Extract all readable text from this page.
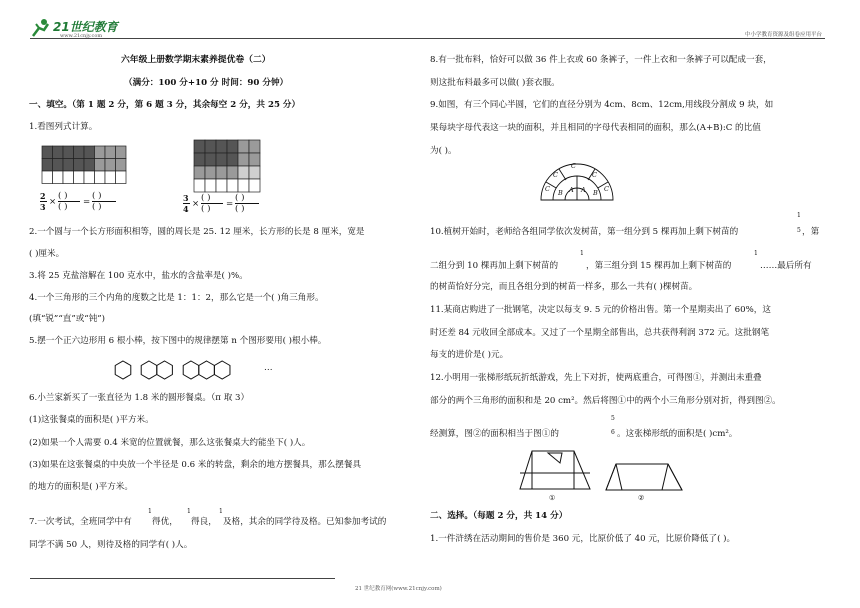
21世纪教育
www.21cnjy.com	中小学教育资源及组卷应用平台
六年级上册数学期末素养提优卷（二）
（满分：100 分+10 分 时间：90 分钟）
一、填空。（第 1 题 2 分，第 6 题 3 分，其余每空 2 分，共 25 分）
1.看图列式计算。
2
3 ×
( )
( ) =
( )
( )
3
4 ×
( )
( ) =
( )
( )
2.一个圆与一个长方形面积相等，圆的周长是 25. 12 厘米，长方形的长是 8 厘米，宽是
( )厘米。
3.将 25 克盐溶解在 100 克水中，盐水的含盐率是( )%。
4.一个三角形的三个内角的度数之比是 1：1：2，那么它是一个( )角三角形。
(填“锐”“直”或“钝”)
5.摆一个正六边形用 6 根小棒，按下图中的规律摆第 n 个图形要用( )根小棒。
…
6.小兰家新买了一张直径为 1.8 米的圆形餐桌。（π 取 3）
(1)这张餐桌的面积是( )平方米。
(2)如果一个人需要 0.4 米宽的位置就餐，那么这张餐桌大约能坐下( )人。
(3)如果在这张餐桌的中央放一个半径是 0.6 米的转盘，剩余的地方摆餐具，那么摆餐具
的地方的面积是( )平方米。
7.一次考试，全班同学中有
1
得优，
1
得良，
1
及格，其余的同学待及格。已知参加考试的
同学不满 50 人，则待及格的同学有( )人。
8.有一批布料，恰好可以做 36 件上衣或 60 条裤子，一件上衣和一条裤子可以配成一套，
则这批布料最多可以做( )套衣服。
9.如图，有三个同心半圆，它们的直径分别为 4cm、8cm、12cm,用线段分割成 9 块，如
果每块字母代表这一块的面积，并且相同的字母代表相同的面积，那么(A+B):C 的比值
为( )。
C
C
C
C
B A A B C
10.植树开始时，老师给各组同学依次发树苗，第一组分到 5 棵再加上剩下树苗的
1
5 ，第
二组分到 10 棵再加上剩下树苗的
1
，第三组分到 15 棵再加上剩下树苗的
1
……最后所有
的树苗恰好分完，而且各组分到的树苗一样多，那么一共有( )棵树苗。
11.某商店购进了一批钢笔，决定以每支 9. 5 元的价格出售。第一个星期卖出了 60%，这
时还差 84 元收回全部成本。又过了一个星期全部售出，总共获得利润 372 元。这批钢笔
每支的进价是( )元。
12.小明用一张梯形纸玩折纸游戏，先上下对折，使两底重合，可得图①，并测出未重叠
部分的两个三角形的面积和是 20 cm²。然后将图①中的两个小三角形分别对折，得到图②。
经测算，图②的面积相当于图①的
5
6 。这张梯形纸的面积是( )cm²。
①	②
二、选择。（每题 2 分，共 14 分）
1.一件浒绣在活动期间的售价是 360 元，比原价低了 40 元，比原价降低了( )。
21 世纪教育网(www.21cnjy.com)
